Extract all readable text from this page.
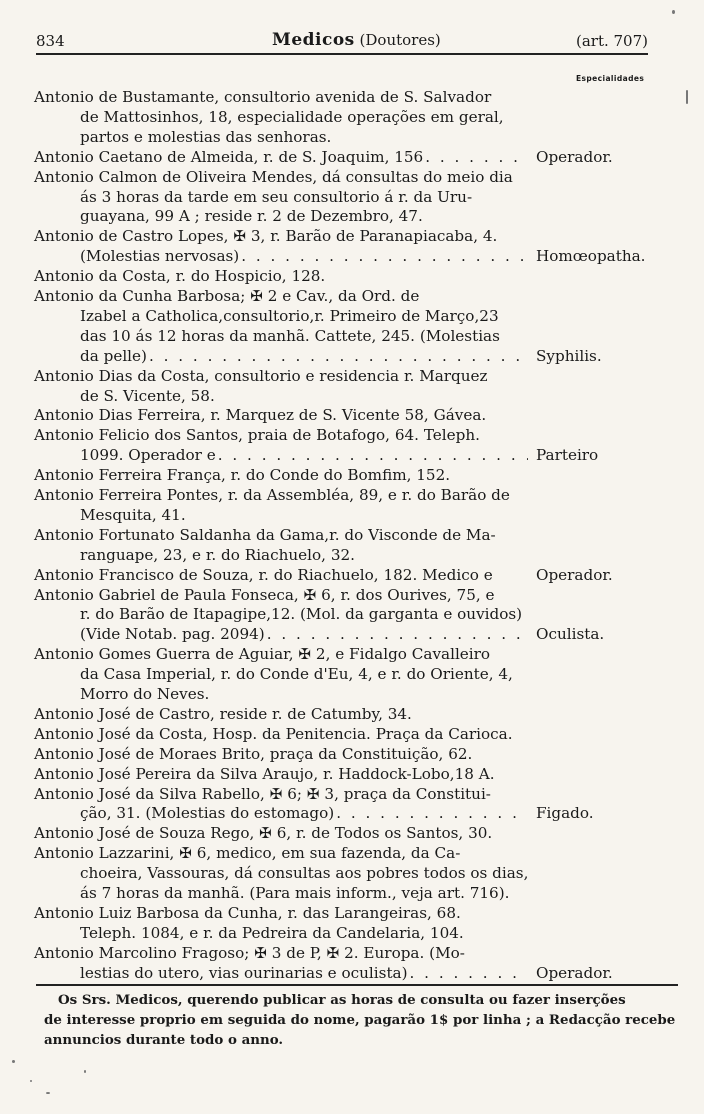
834	Medicos (Doutores)	(art. 707)
Especialidades
Antonio de Bustamante, consultorio avenida de S. Salvador
de Mattosinhos, 18, especialidade operações em geral,
partos e molestias das senhoras.
Antonio Caetano de Almeida, r. de S. Joaquim, 156 . . .	Operador.
Antonio Calmon de Oliveira Mendes, dá consultas do meio dia
ás 3 horas da tarde em seu consultorio á r. da Uru-
guayana, 99 A ; reside r. 2 de Dezembro, 47.
Antonio de Castro Lopes, ✠ 3, r. Barão de Paranapiacaba, 4.
(Molestias nervosas) . . .	Homœopatha.
Antonio da Costa, r. do Hospicio, 128.
Antonio da Cunha Barbosa; ✠ 2 e Cav., da Ord. de
Izabel a Catholica,consultorio,r. Primeiro de Março,23
das 10 ás 12 horas da manhã. Cattete, 245. (Molestias
da pelle) . . .	Syphilis.
Antonio Dias da Costa, consultorio e residencia r. Marquez
de S. Vicente, 58.
Antonio Dias Ferreira, r. Marquez de S. Vicente 58, Gávea.
Antonio Felicio dos Santos, praia de Botafogo, 64. Teleph.
1099. Operador e . . .	Parteiro
Antonio Ferreira França, r. do Conde do Bomfim, 152.
Antonio Ferreira Pontes, r. da Assembléa, 89, e r. do Barão de
Mesquita, 41.
Antonio Fortunato Saldanha da Gama,r. do Visconde de Ma-
ranguape, 23, e r. do Riachuelo, 32.
Antonio Francisco de Souza, r. do Riachuelo, 182. Medico e	Operador.
Antonio Gabriel de Paula Fonseca, ✠ 6, r. dos Ourives, 75, e
r. do Barão de Itapagipe,12. (Mol. da garganta e ouvidos)
(Vide Notab. pag. 2094) . . .	Oculista.
Antonio Gomes Guerra de Aguiar, ✠ 2, e Fidalgo Cavalleiro
da Casa Imperial, r. do Conde d'Eu, 4, e r. do Oriente, 4,
Morro do Neves.
Antonio José de Castro, reside r. de Catumby, 34.
Antonio José da Costa, Hosp. da Penitencia. Praça da Carioca.
Antonio José de Moraes Brito, praça da Constituição, 62.
Antonio José Pereira da Silva Araujo, r. Haddock-Lobo,18 A.
Antonio José da Silva Rabello, ✠ 6; ✠ 3, praça da Constitui-
ção, 31. (Molestias do estomago) . . .	Figado.
Antonio José de Souza Rego, ✠ 6, r. de Todos os Santos, 30.
Antonio Lazzarini, ✠ 6, medico, em sua fazenda, da Ca-
choeira, Vassouras, dá consultas aos pobres todos os dias,
ás 7 horas da manhã. (Para mais inform., veja art. 716).
Antonio Luiz Barbosa da Cunha, r. das Larangeiras, 68.
Teleph. 1084, e r. da Pedreira da Candelaria, 104.
Antonio Marcolino Fragoso; ✠ 3 de P, ✠ 2. Europa. (Mo-
lestias do utero, vias ourinarias e oculista) . . .	Operador.
Os Srs. Medicos, querendo publicar as horas de consulta ou fazer inserções
de interesse proprio em seguida do nome, pagarão 1$ por linha ; a Redacção recebe
annuncios durante todo o anno.
